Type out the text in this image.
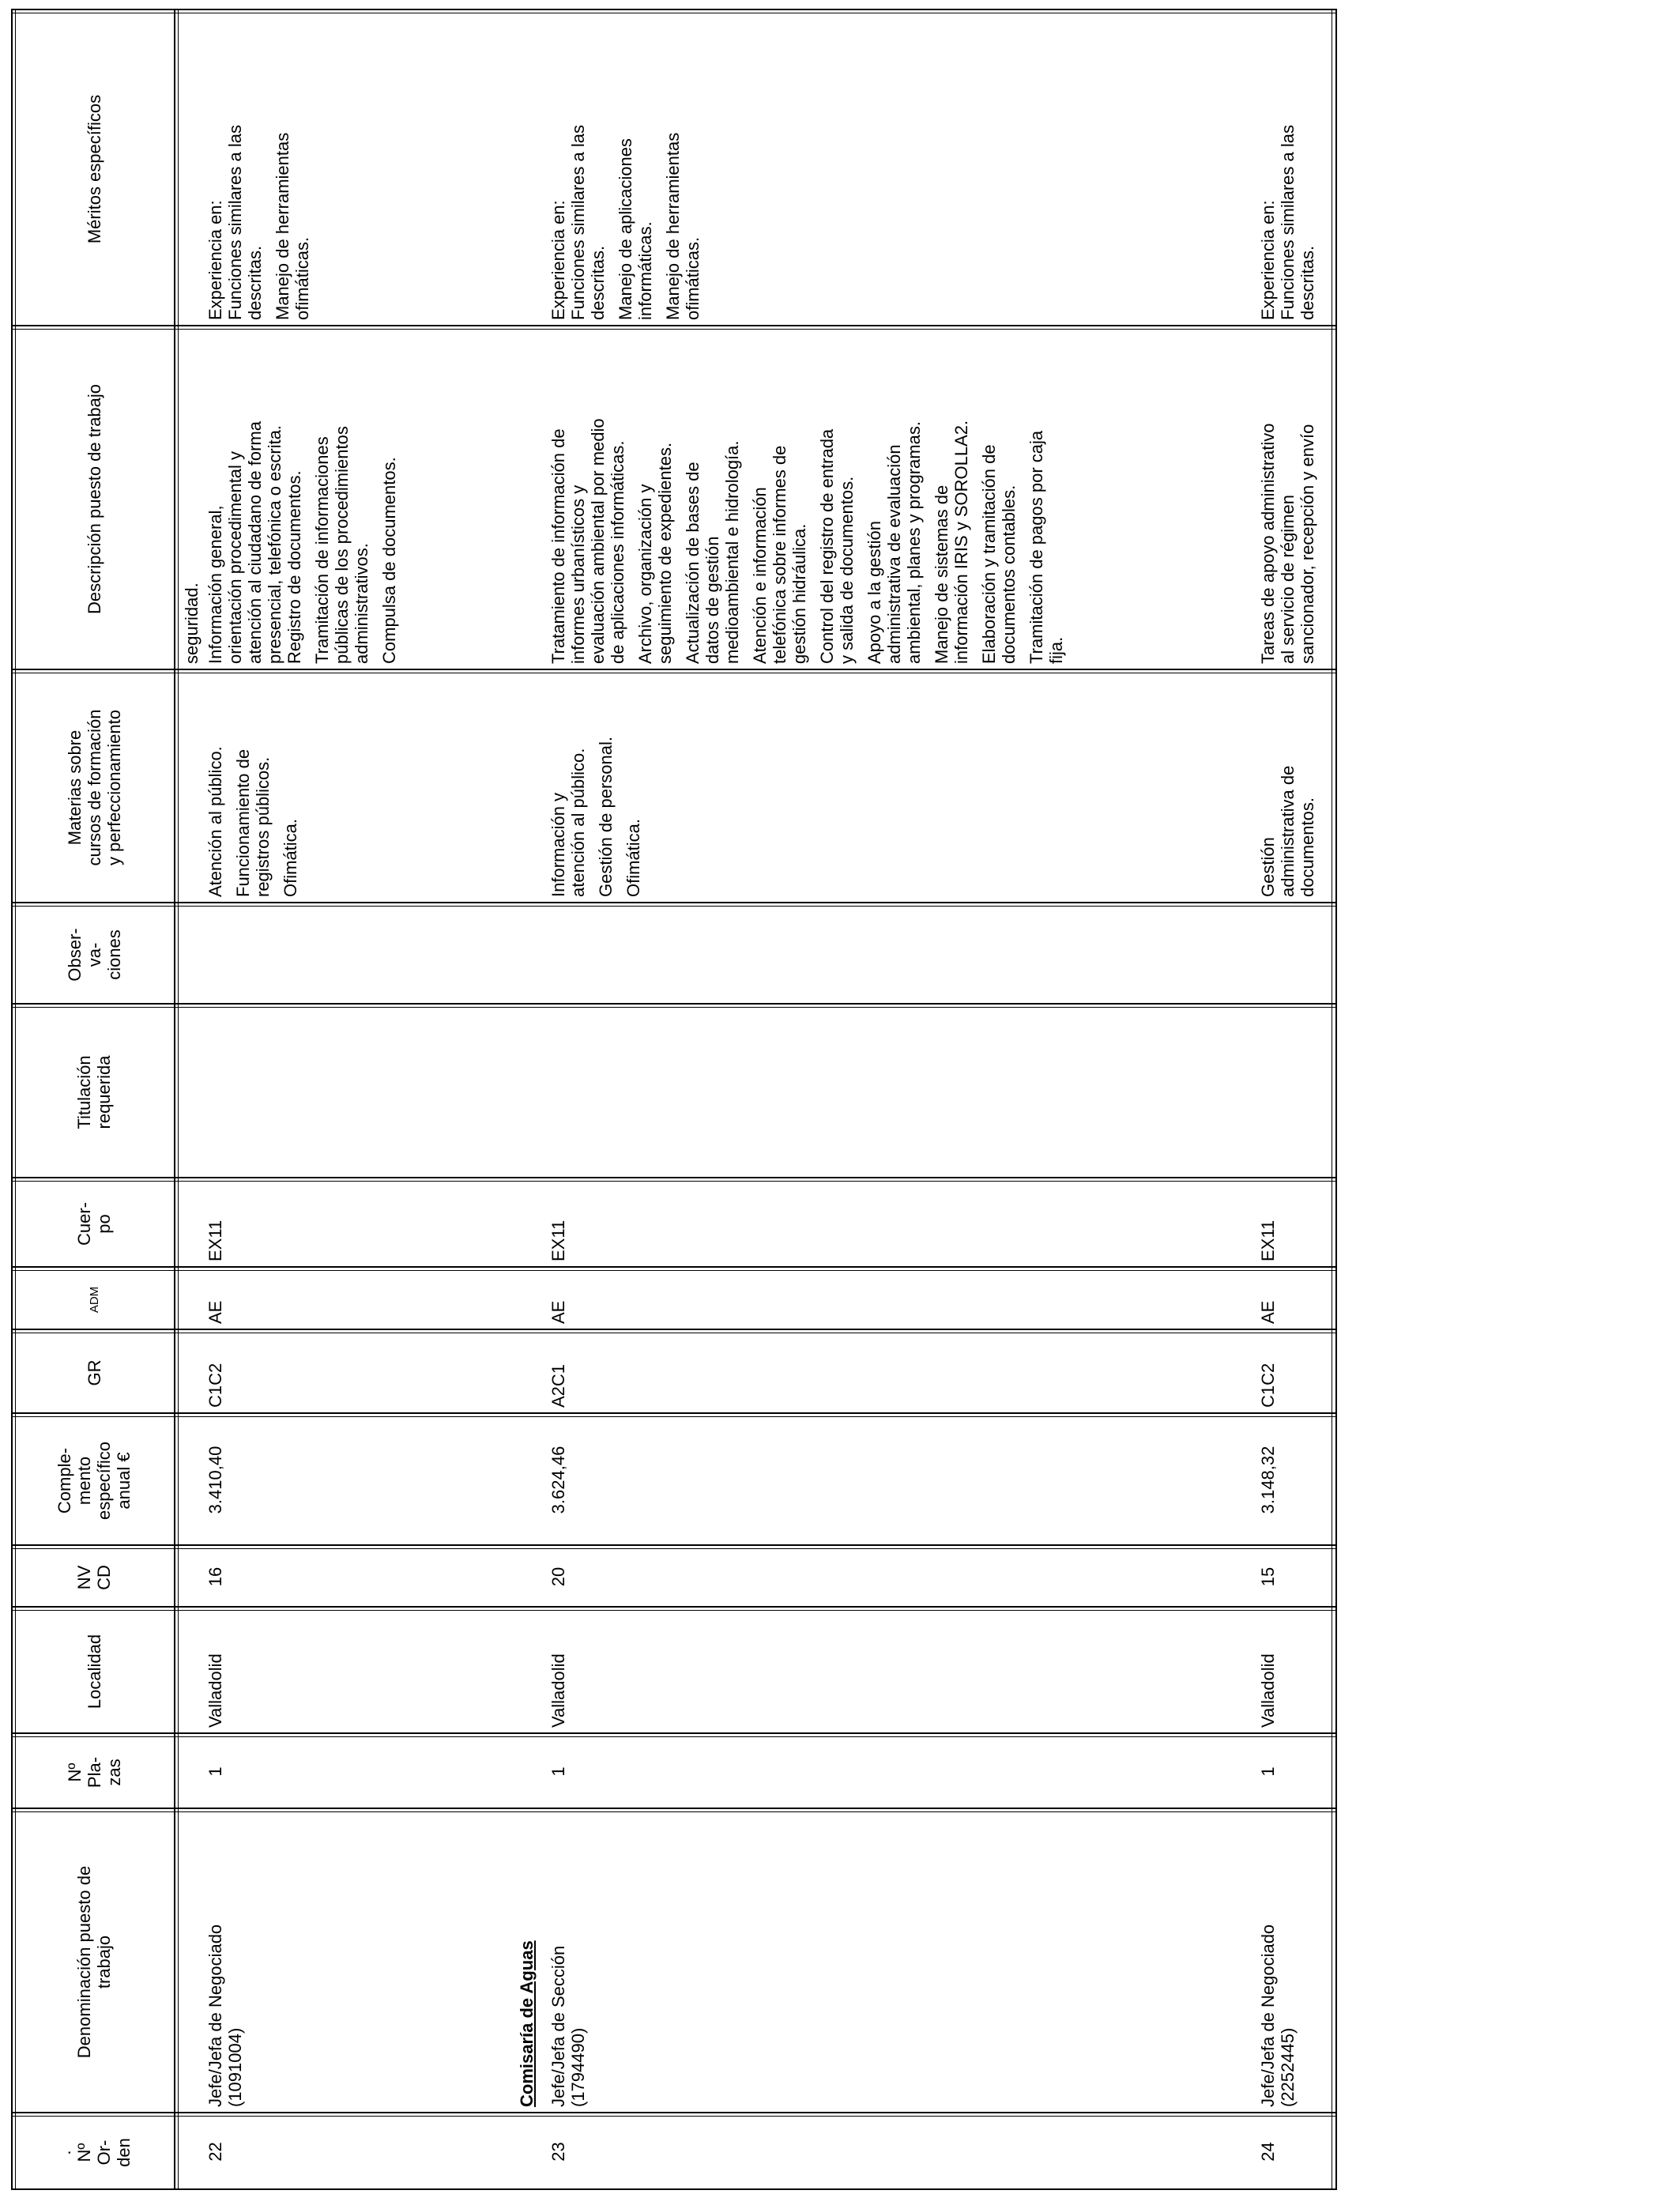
. Nº Or- den
Denominación puesto de trabajo
Nº Pla- zas
Localidad
NV CD
Comple- mento específico anual €
GR
ADM
Cuer- po
Titulación requerida
Obser- va- ciones
Materias sobre cursos de formación y perfeccionamiento
Descripción puesto de trabajo
Méritos específicos
seguridad.
Comisaría de Aguas
22
Jefe/Jefa de Negociado (1091004)
1
Valladolid
16
3.410,40
C1C2
AE
EX11
Atención al público. Funcionamiento de registros públicos. Ofimática.
Información general, orientación procedimental y atención al ciudadano de forma presencial, telefónica o escrita. Registro de documentos. Tramitación de informaciones públicas de los procedimientos administrativos. Compulsa de documentos.
Experiencia en: Funciones similares a las descritas. Manejo de herramientas ofimáticas.
23
Jefe/Jefa de Sección (1794490)
1
Valladolid
20
3.624,46
A2C1
AE
EX11
Información y atención al público. Gestión de personal. Ofimática.
Tratamiento de información de informes urbanísticos y evaluación ambiental por medio de aplicaciones informáticas. Archivo, organización y seguimiento de expedientes. Actualización de bases de datos de gestión medioambiental e hidrología. Atención e información telefónica sobre informes de gestión hidráulica. Control del registro de entrada y salida de documentos. Apoyo a la gestión administrativa de evaluación ambiental, planes y programas. Manejo de sistemas de información IRIS y SOROLLA2. Elaboración y tramitación de documentos contables. Tramitación de pagos por caja fija.
Experiencia en: Funciones similares a las descritas. Manejo de aplicaciones informáticas. Manejo de herramientas ofimáticas.
24
Jefe/Jefa de Negociado (2252445)
1
Valladolid
15
3.148,32
C1C2
AE
EX11
Gestión administrativa de documentos.
Tareas de apoyo administrativo al servicio de régimen sancionador, recepción y envío
Experiencia en: Funciones similares a las descritas.
